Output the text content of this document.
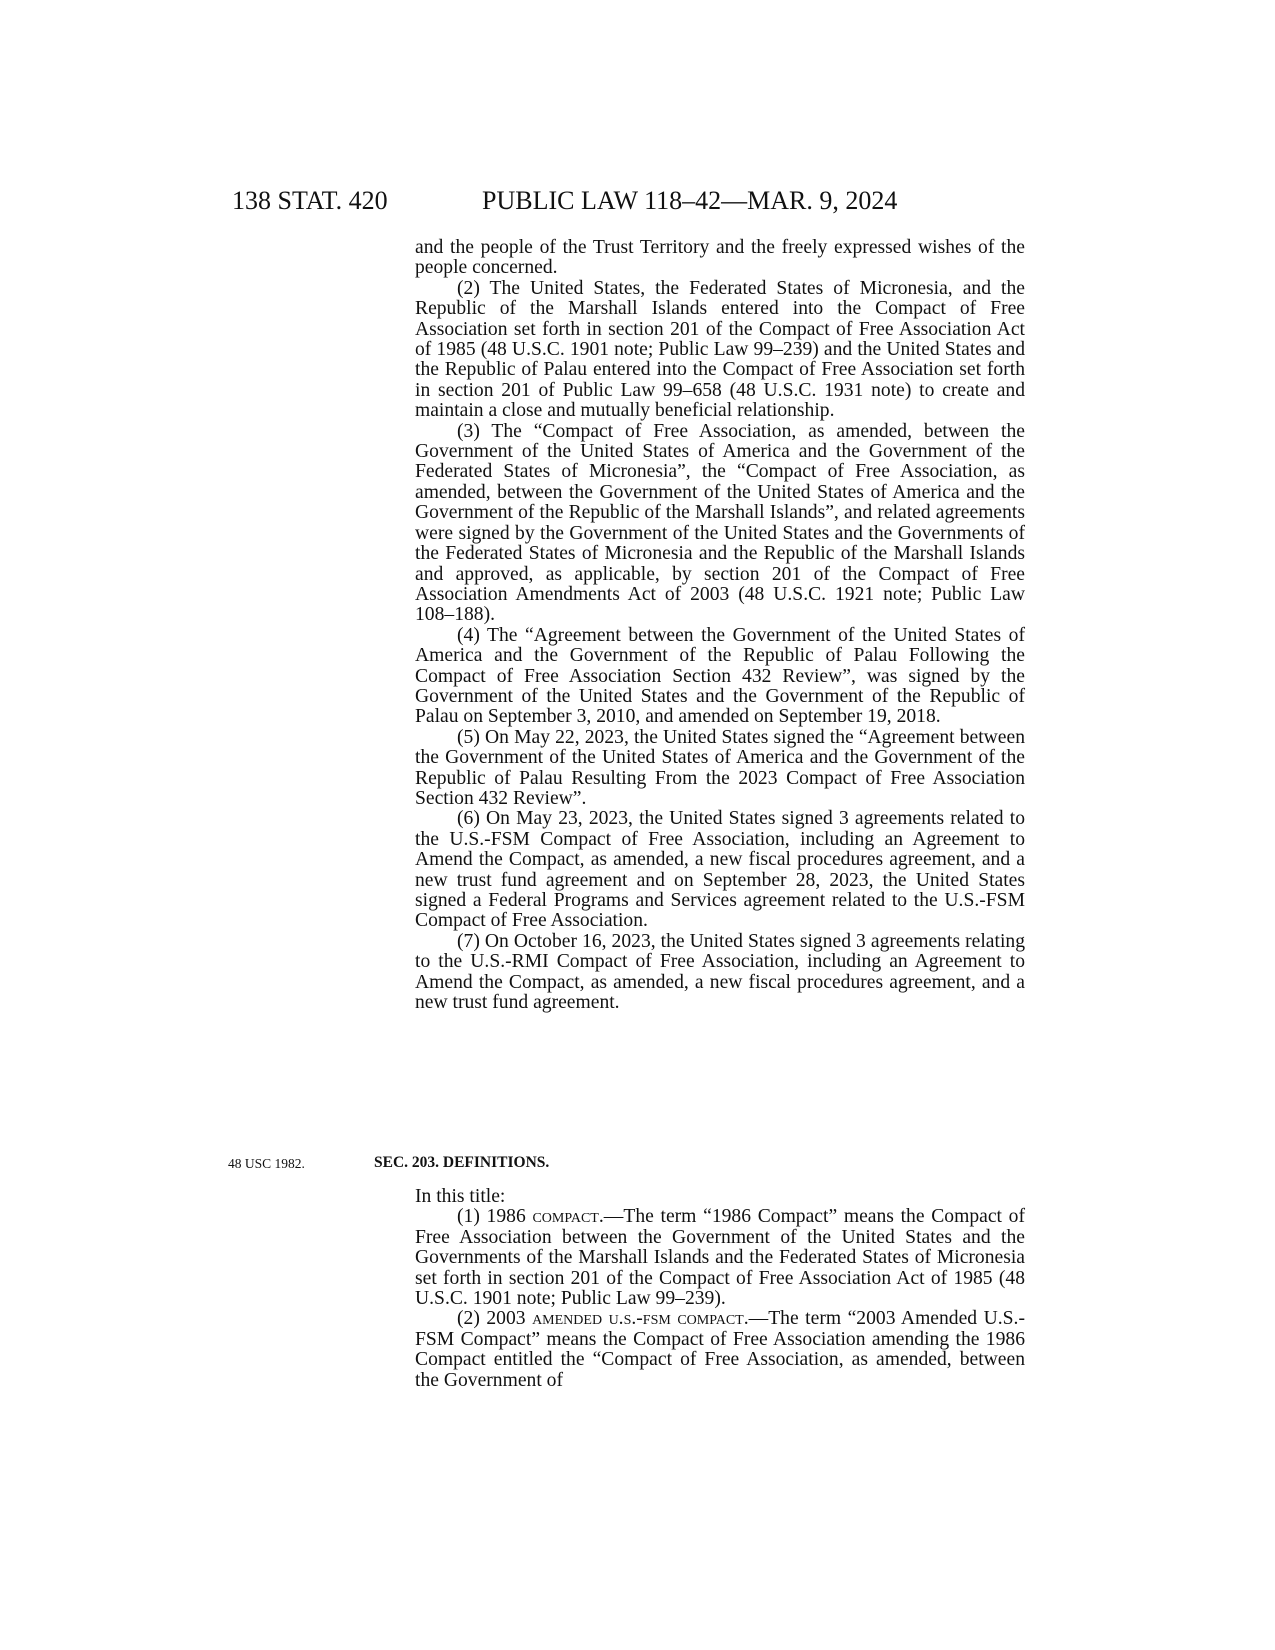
138 STAT. 420	PUBLIC LAW 118–42—MAR. 9, 2024

and the people of the Trust Territory and the freely expressed wishes of the people concerned.

(2) The United States, the Federated States of Micronesia, and the Republic of the Marshall Islands entered into the Compact of Free Association set forth in section 201 of the Compact of Free Association Act of 1985 (48 U.S.C. 1901 note; Public Law 99–239) and the United States and the Republic of Palau entered into the Compact of Free Association set forth in section 201 of Public Law 99–658 (48 U.S.C. 1931 note) to create and maintain a close and mutually beneficial relationship.

(3) The “Compact of Free Association, as amended, between the Government of the United States of America and the Government of the Federated States of Micronesia”, the “Compact of Free Association, as amended, between the Government of the United States of America and the Government of the Republic of the Marshall Islands”, and related agreements were signed by the Government of the United States and the Governments of the Federated States of Micronesia and the Republic of the Marshall Islands and approved, as applicable, by section 201 of the Compact of Free Association Amendments Act of 2003 (48 U.S.C. 1921 note; Public Law 108–188).

(4) The “Agreement between the Government of the United States of America and the Government of the Republic of Palau Following the Compact of Free Association Section 432 Review”, was signed by the Government of the United States and the Government of the Republic of Palau on September 3, 2010, and amended on September 19, 2018.

(5) On May 22, 2023, the United States signed the “Agreement between the Government of the United States of America and the Government of the Republic of Palau Resulting From the 2023 Compact of Free Association Section 432 Review”.

(6) On May 23, 2023, the United States signed 3 agreements related to the U.S.-FSM Compact of Free Association, including an Agreement to Amend the Compact, as amended, a new fiscal procedures agreement, and a new trust fund agreement and on September 28, 2023, the United States signed a Federal Programs and Services agreement related to the U.S.-FSM Compact of Free Association.

(7) On October 16, 2023, the United States signed 3 agreements relating to the U.S.-RMI Compact of Free Association, including an Agreement to Amend the Compact, as amended, a new fiscal procedures agreement, and a new trust fund agreement.

48 USC 1982.	SEC. 203. DEFINITIONS.

In this title:

(1) 1986 compact.—The term “1986 Compact” means the Compact of Free Association between the Government of the United States and the Governments of the Marshall Islands and the Federated States of Micronesia set forth in section 201 of the Compact of Free Association Act of 1985 (48 U.S.C. 1901 note; Public Law 99–239).

(2) 2003 amended u.s.-fsm compact.—The term “2003 Amended U.S.-FSM Compact” means the Compact of Free Association amending the 1986 Compact entitled the “Compact of Free Association, as amended, between the Government of
